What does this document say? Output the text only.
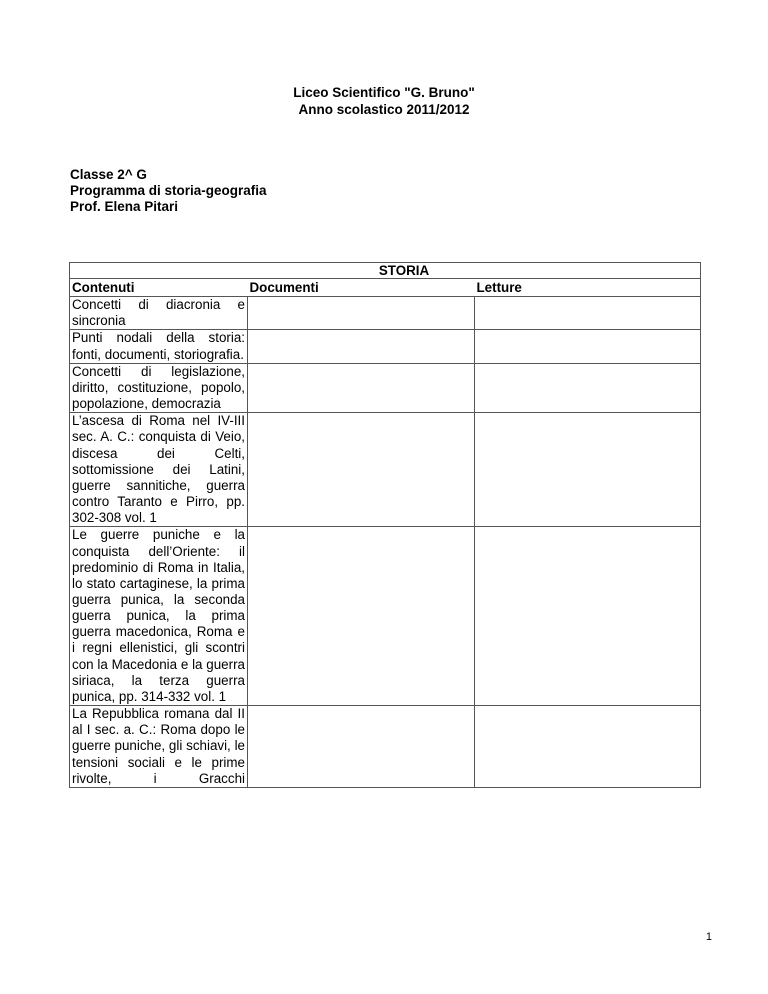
Liceo Scientifico "G. Bruno"
Anno scolastico 2011/2012
Classe 2^ G
Programma di storia-geografia
Prof. Elena Pitari
STORIA		
Contenuti	Documenti	Letture
Concetti di diacronia e sincronia		
Punti nodali della storia: fonti, documenti, storiografia.		
Concetti di legislazione, diritto, costituzione, popolo, popolazione, democrazia		
L’ascesa di Roma nel IV-III sec. A. C.: conquista di Veio, discesa dei Celti, sottomissione dei Latini, guerre sannitiche, guerra contro Taranto e Pirro, pp. 302-308 vol. 1		
Le guerre puniche e la conquista dell’Oriente: il predominio di Roma in Italia, lo stato cartaginese, la prima guerra punica, la seconda guerra punica, la prima guerra macedonica, Roma e i regni ellenistici, gli scontri con la Macedonia e la guerra siriaca, la terza guerra punica, pp. 314-332 vol. 1		
La Repubblica romana dal II al I sec. a. C.: Roma dopo le guerre puniche, gli schiavi, le tensioni sociali e le prime rivolte, i Gracchi		
1
